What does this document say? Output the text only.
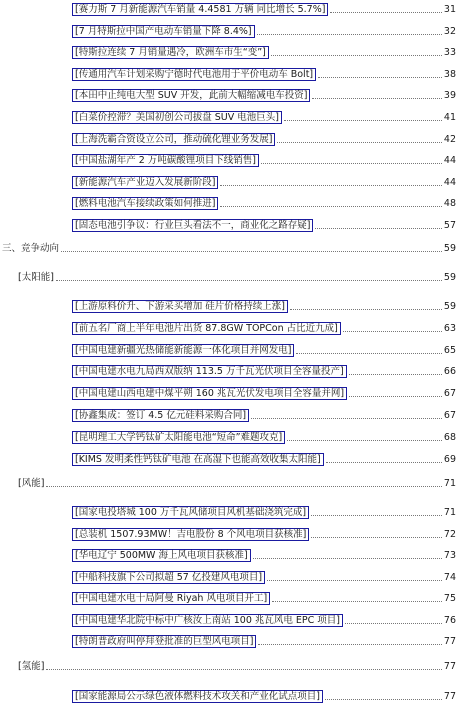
[赛力斯 7 月新能源汽车销量 4.4581 万辆 同比增长 5.7%]	31
[7 月特斯拉中国产电动车销量下降 8.4%]	32
[特斯拉连续 7 月销量遇冷，欧洲车市生“变”]	33
[传通用汽车计划采购宁德时代电池用于平价电动车 Bolt]	38
[本田中止纯电大型 SUV 开发，此前大幅缩减电车投资]	39
[白菜价控滞？美国初创公司拔盘 SUV 电池巨头]	41
[上海洗霸合资设立公司，推动硫化锂业务发展]	42
[中国盐湖年产 2 万吨碳酸锂项目下线销售]	44
[新能源汽车产业迈入发展新阶段]	44
[燃料电池汽车接续政策如何推进]	48
[固态电池引争议：行业巨头看法不一，商业化之路存疑]	57
三、竞争动向	59
[太阳能]	59
[上游原料价升、下游采买增加 硅片价格持续上涨]	59
[前五名厂商上半年电池片出货 87.8GW TOPCon 占比近九成]	63
[中国电建新疆光热储能新能源一体化项目并网发电]	65
[中国电建水电九局西双版纳 113.5 万千瓦光伏项目全容量投产]	66
[中国电建山西电建中煤平朔 160 兆瓦光伏发电项目全容量并网]	67
[协鑫集成：签订 4.5 亿元硅料采购合同]	67
[昆明理工大学钙钛矿太阳能电池“短命”难题攻克]	68
[KIMS 发明柔性钙钛矿电池 在高湿下也能高效收集太阳能]	69
[风能]	71
[国家电投塔城 100 万千瓦风储项目风机基础浇筑完成]	71
[总装机 1507.93MW！吉电股份 8 个风电项目获核准]	72
[华电辽宁 500MW 海上风电项目获核准]	73
[中船科技旗下公司拟超 57 亿投建风电项目]	74
[中国电建水电十局阿曼 Riyah 风电项目开工]	75
[中国电建华北院中标中广核汝上南站 100 兆瓦风电 EPC 项目]	76
[特朗普政府叫停拜登批准的巨型风电项目]	77
[氢能]	77
[国家能源局公示绿色液体燃料技术攻关和产业化试点项目]	77
